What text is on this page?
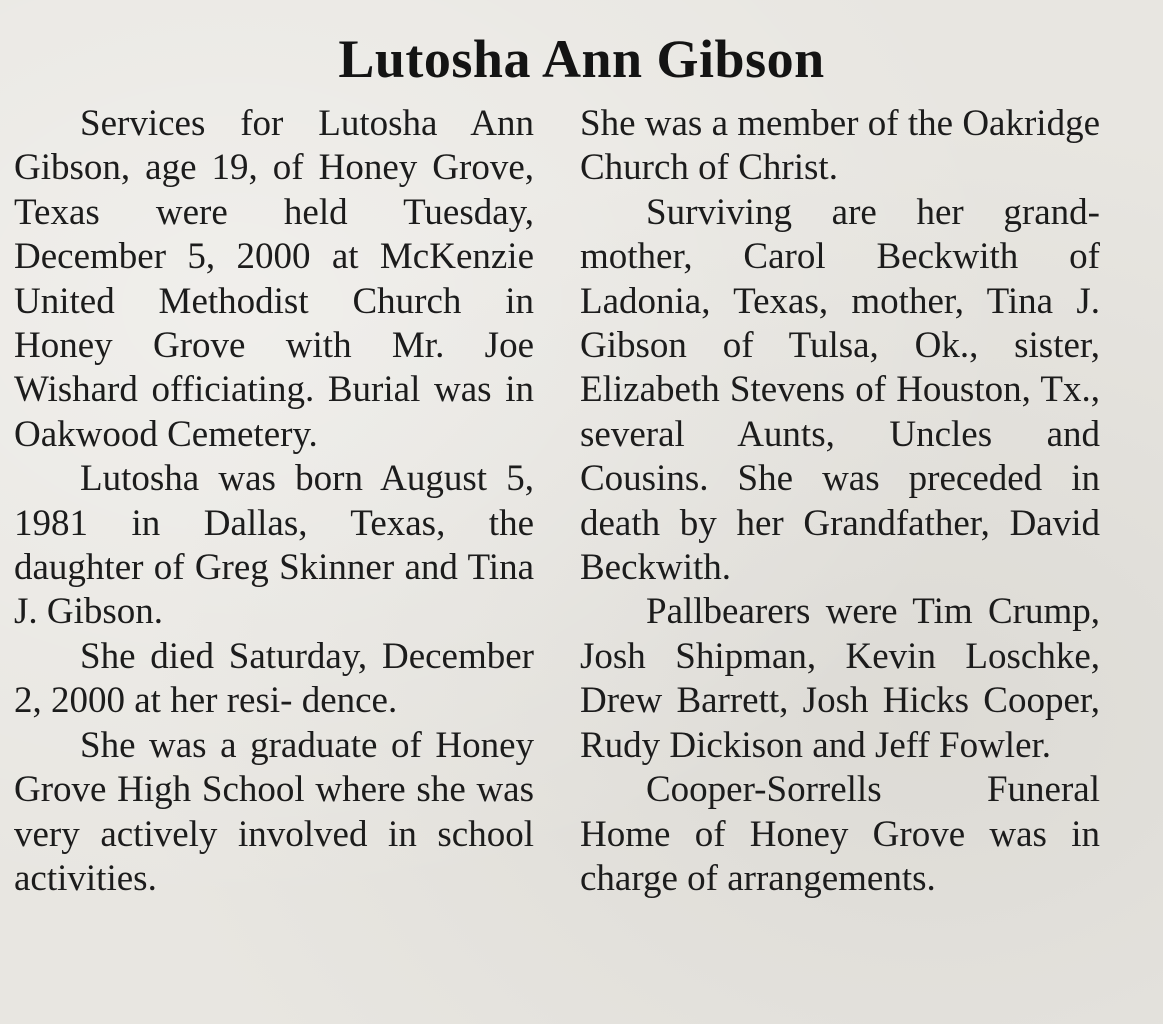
Lutosha Ann Gibson

Services for Lutosha Ann Gibson, age 19, of Honey Grove, Texas were held Tuesday, December 5, 2000 at McKenzie United Methodist Church in Honey Grove with Mr. Joe Wishard officiating. Burial was in Oakwood Cemetery.

Lutosha was born August 5, 1981 in Dallas, Texas, the daughter of Greg Skinner and Tina J. Gibson.

She died Saturday, December 2, 2000 at her resi- dence.

She was a graduate of Honey Grove High School where she was very actively involved in school activities.

She was a member of the Oakridge Church of Christ.

Surviving are her grand- mother, Carol Beckwith of Ladonia, Texas, mother, Tina J. Gibson of Tulsa, Ok., sister, Elizabeth Stevens of Houston, Tx., several Aunts, Uncles and Cousins. She was preceded in death by her Grandfather, David Beckwith.

Pallbearers were Tim Crump, Josh Shipman, Kevin Loschke, Drew Barrett, Josh Hicks Cooper, Rudy Dickison and Jeff Fowler.

Cooper-Sorrells Funeral Home of Honey Grove was in charge of arrangements.
